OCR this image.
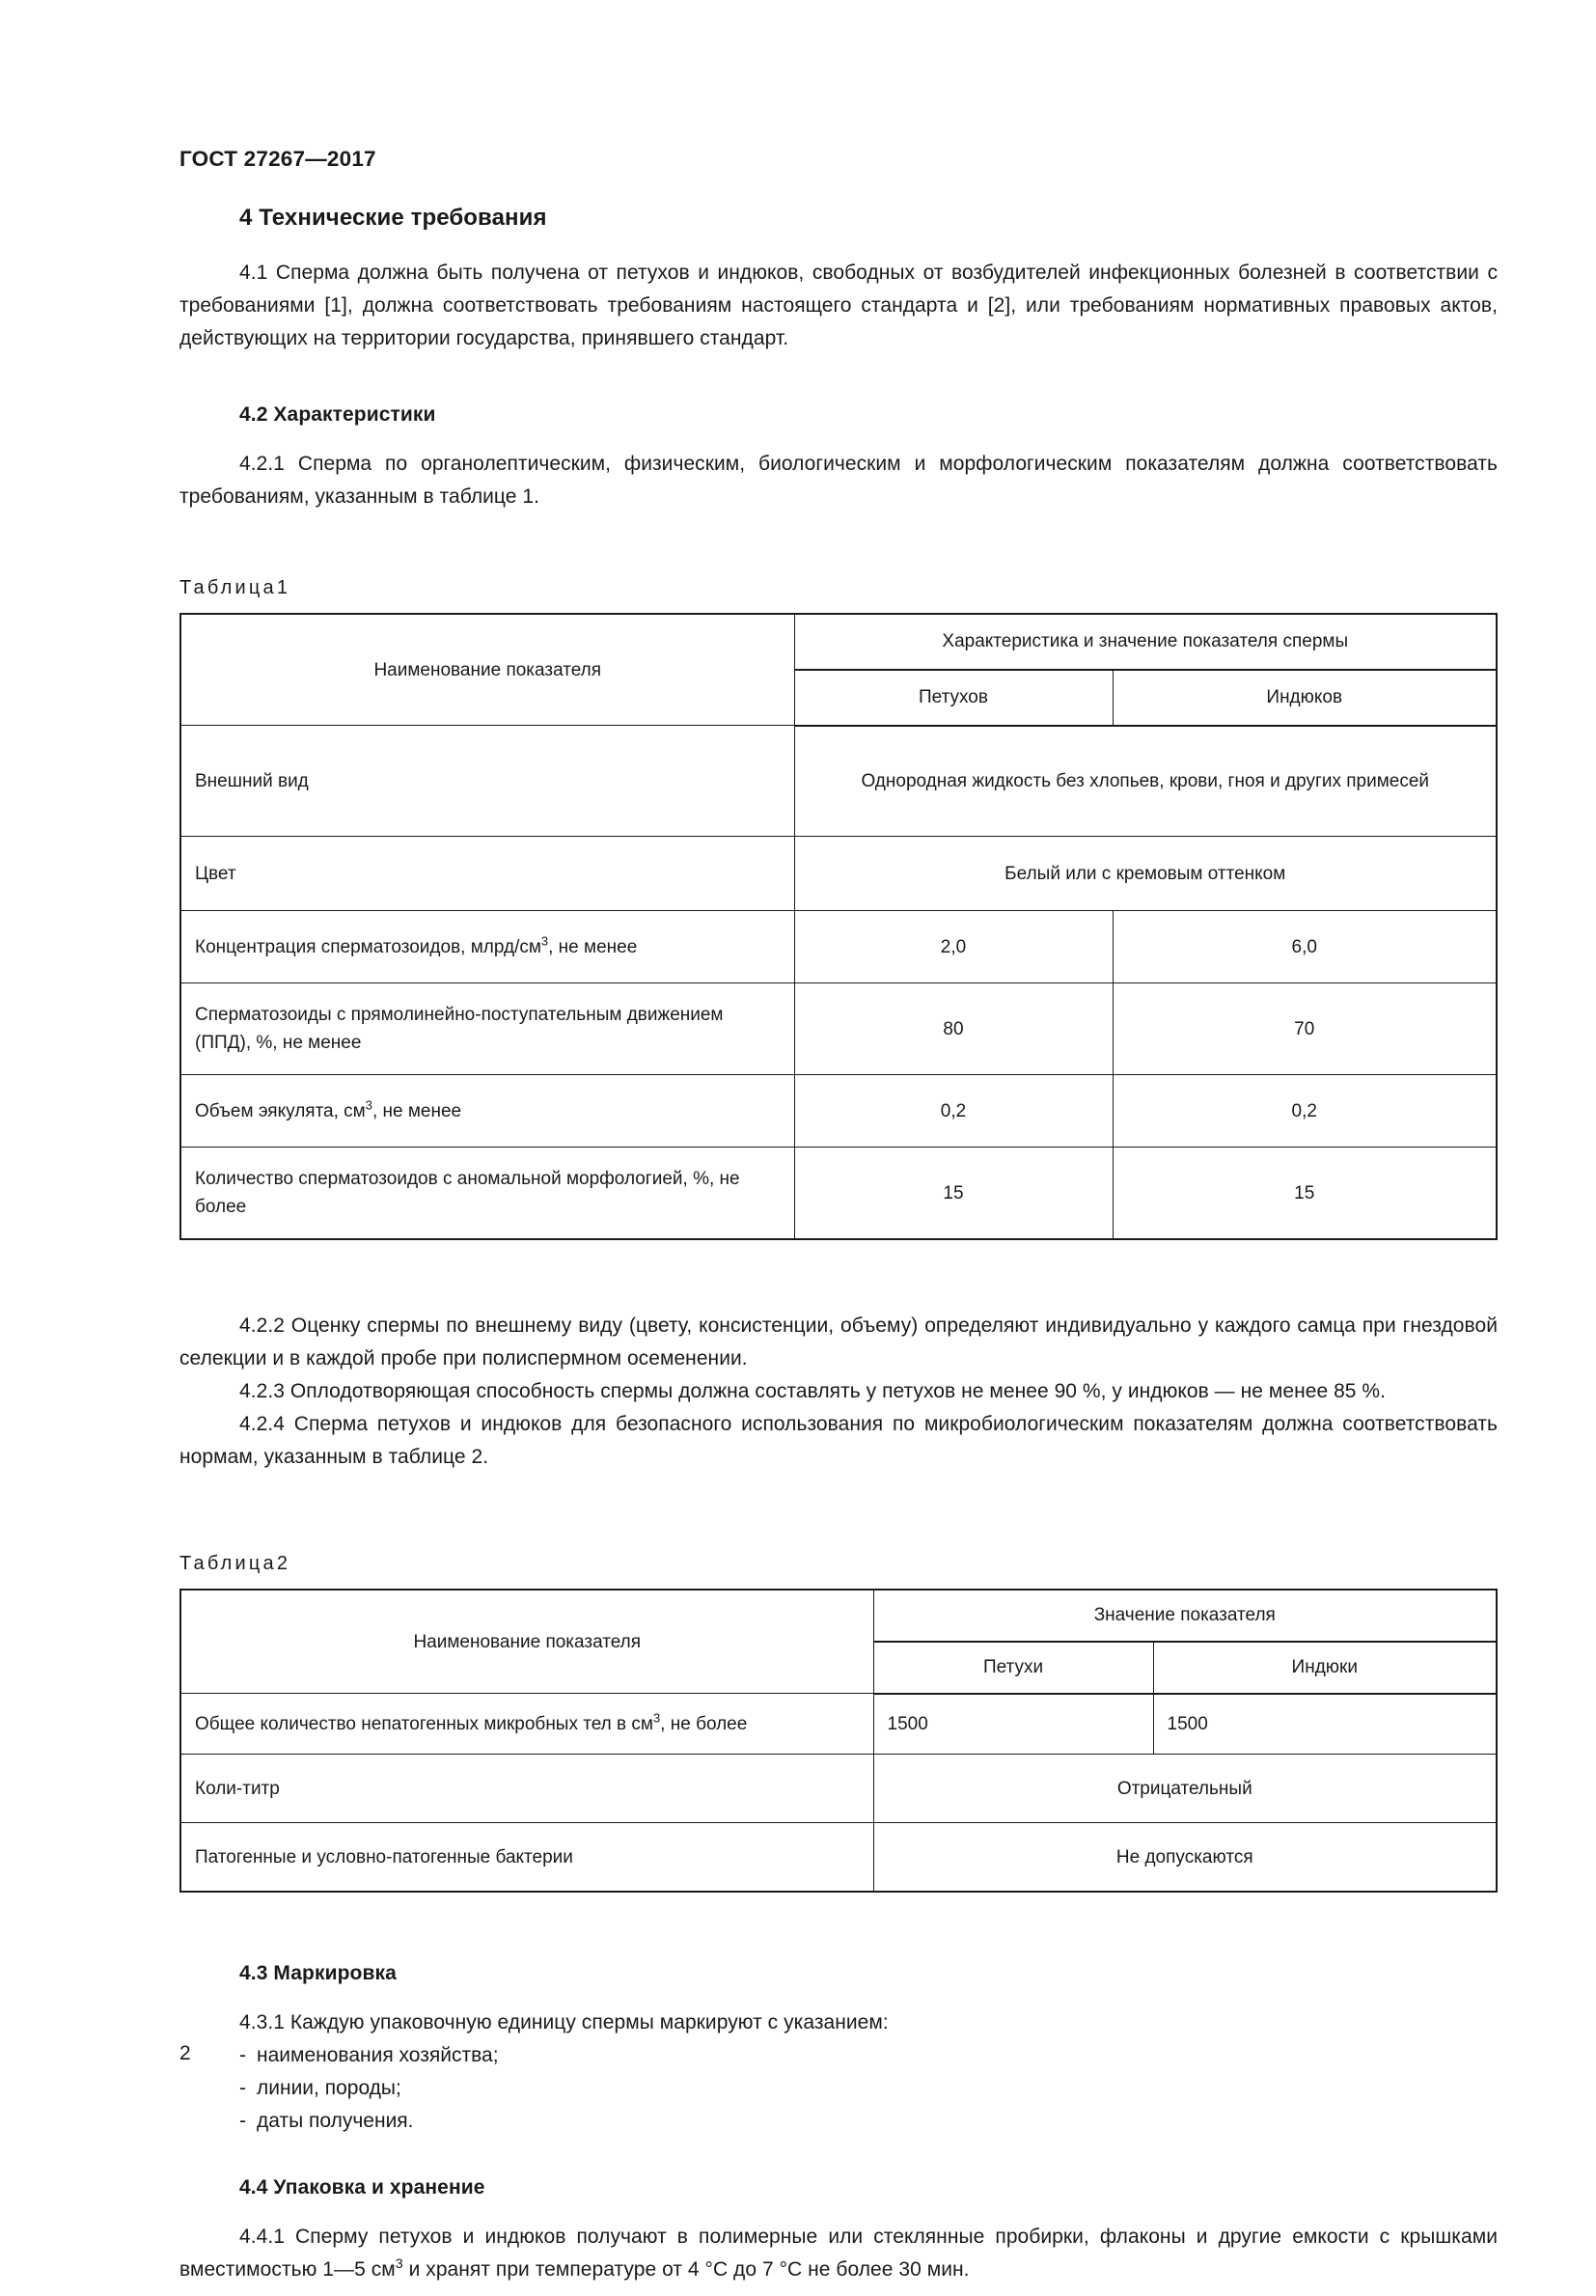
ГОСТ 27267—2017
4 Технические требования

4.1 Сперма должна быть получена от петухов и индюков, свободных от возбудителей инфекционных болезней в соответствии с требованиями [1], должна соответствовать требованиям настоящего стандарта и [2], или требованиям нормативных правовых актов, действующих на территории государства, принявшего стандарт.

4.2 Характеристики

4.2.1 Сперма по органолептическим, физическим, биологическим и морфологическим показателям должна соответствовать требованиям, указанным в таблице 1.

Таблица1
Наименование показателя	Характеристика и значение показателя спермы	

	Петухов	Индюков

Внешний вид	Однородная жидкость без хлопьев, крови, гноя и других примесей	

Цвет	Белый или с кремовым оттенком	

Концентрация сперматозоидов, млрд/$см^3$, не менее	2,0	6,0

Сперматозоиды с прямолинейно-поступательным движением (ППД), %, не менее	80	70

Объем эякулята, $см^3$, не менее	0,2	0,2

Количество сперматозоидов с аномальной морфологией, %, не более	15	15

4.2.2 Оценку спермы по внешнему виду (цвету, консистенции, объему) определяют индивидуально у каждого самца при гнездовой селекции и в каждой пробе при полиспермном осеменении.

4.2.3 Оплодотворяющая способность спермы должна составлять у петухов не менее 90 %, у индюков — не менее 85 %.

4.2.4 Сперма петухов и индюков для безопасного использования по микробиологическим показателям должна соответствовать нормам, указанным в таблице 2.

Таблица2
Наименование показателя	Значение показателя	

	Петухи	Индюки

Общее количество непатогенных микробных тел в $см^3$, не более	1500	1500

Коли-титр	Отрицательный	

Патогенные и условно-патогенные бактерии	Не допускаются	
4.3 Маркировка

4.3.1 Каждую упаковочную единицу спермы маркируют с указанием:

- наименования хозяйства;
- линии, породы;
- даты получения.
4.4 Упаковка и хранение

4.4.1 Сперму петухов и индюков получают в полимерные или стеклянные пробирки, флаконы и другие емкости с крышками вместимостью 1—5 $см^3$ и хранят при температуре от 4 °C до 7 °C не более 30 мин.

2
